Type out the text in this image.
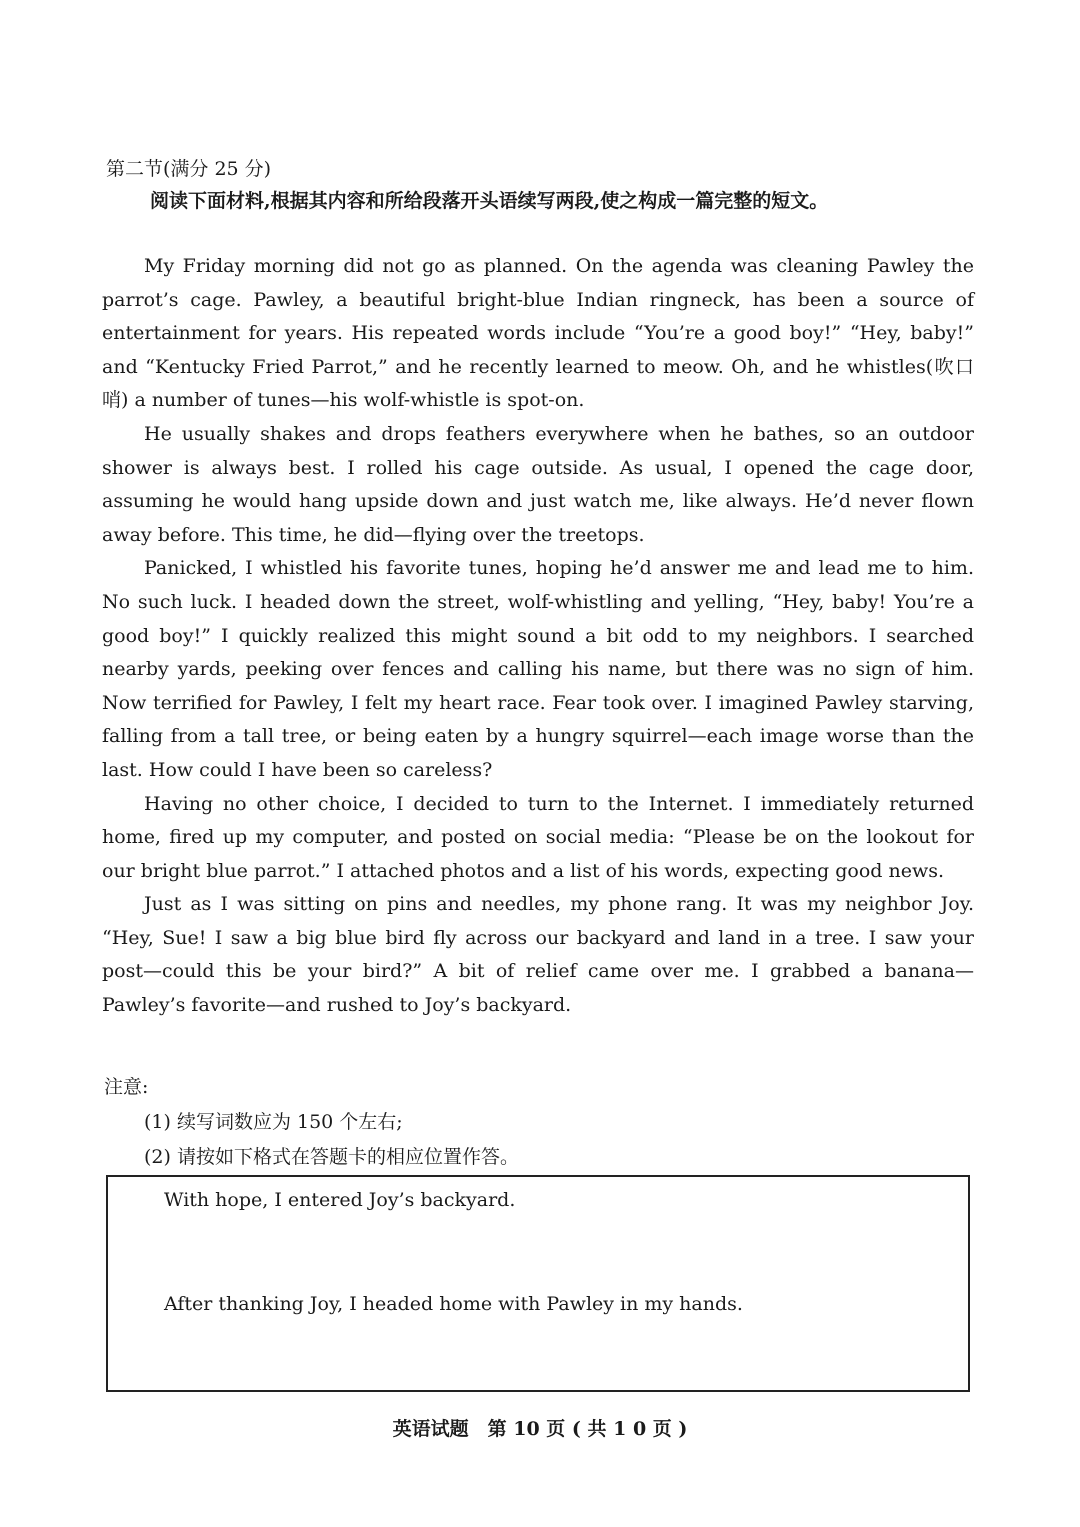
第二节(满分 25 分)
阅读下面材料,根据其内容和所给段落开头语续写两段,使之构成一篇完整的短文。

My Friday morning did not go as planned. On the agenda was cleaning Pawley the parrot’s cage. Pawley, a beautiful bright-blue Indian ringneck, has been a source of entertainment for years. His repeated words include “You’re a good boy!” “Hey, baby!” and “Kentucky Fried Parrot,” and he recently learned to meow. Oh, and he whistles(吹口哨) a number of tunes—his wolf-whistle is spot-on.

He usually shakes and drops feathers everywhere when he bathes, so an outdoor shower is always best. I rolled his cage outside. As usual, I opened the cage door, assuming he would hang upside down and just watch me, like always. He’d never flown away before. This time, he did—flying over the treetops.

Panicked, I whistled his favorite tunes, hoping he’d answer me and lead me to him. No such luck. I headed down the street, wolf-whistling and yelling, “Hey, baby! You’re a good boy!” I quickly realized this might sound a bit odd to my neighbors. I searched nearby yards, peeking over fences and calling his name, but there was no sign of him. Now terrified for Pawley, I felt my heart race. Fear took over. I imagined Pawley starving, falling from a tall tree, or being eaten by a hungry squirrel—each image worse than the last. How could I have been so careless?

Having no other choice, I decided to turn to the Internet. I immediately returned home, fired up my computer, and posted on social media: “Please be on the lookout for our bright blue parrot.” I attached photos and a list of his words, expecting good news.

Just as I was sitting on pins and needles, my phone rang. It was my neighbor Joy. “Hey, Sue! I saw a big blue bird fly across our backyard and land in a tree. I saw your post—could this be your bird?” A bit of relief came over me. I grabbed a banana—Pawley’s favorite—and rushed to Joy’s backyard.

注意:
(1) 续写词数应为 150 个左右;
(2) 请按如下格式在答题卡的相应位置作答。
With hope, I entered Joy’s backyard.
After thanking Joy, I headed home with Pawley in my hands.
英语试题　第 10 页 ( 共 1 0 页 )
